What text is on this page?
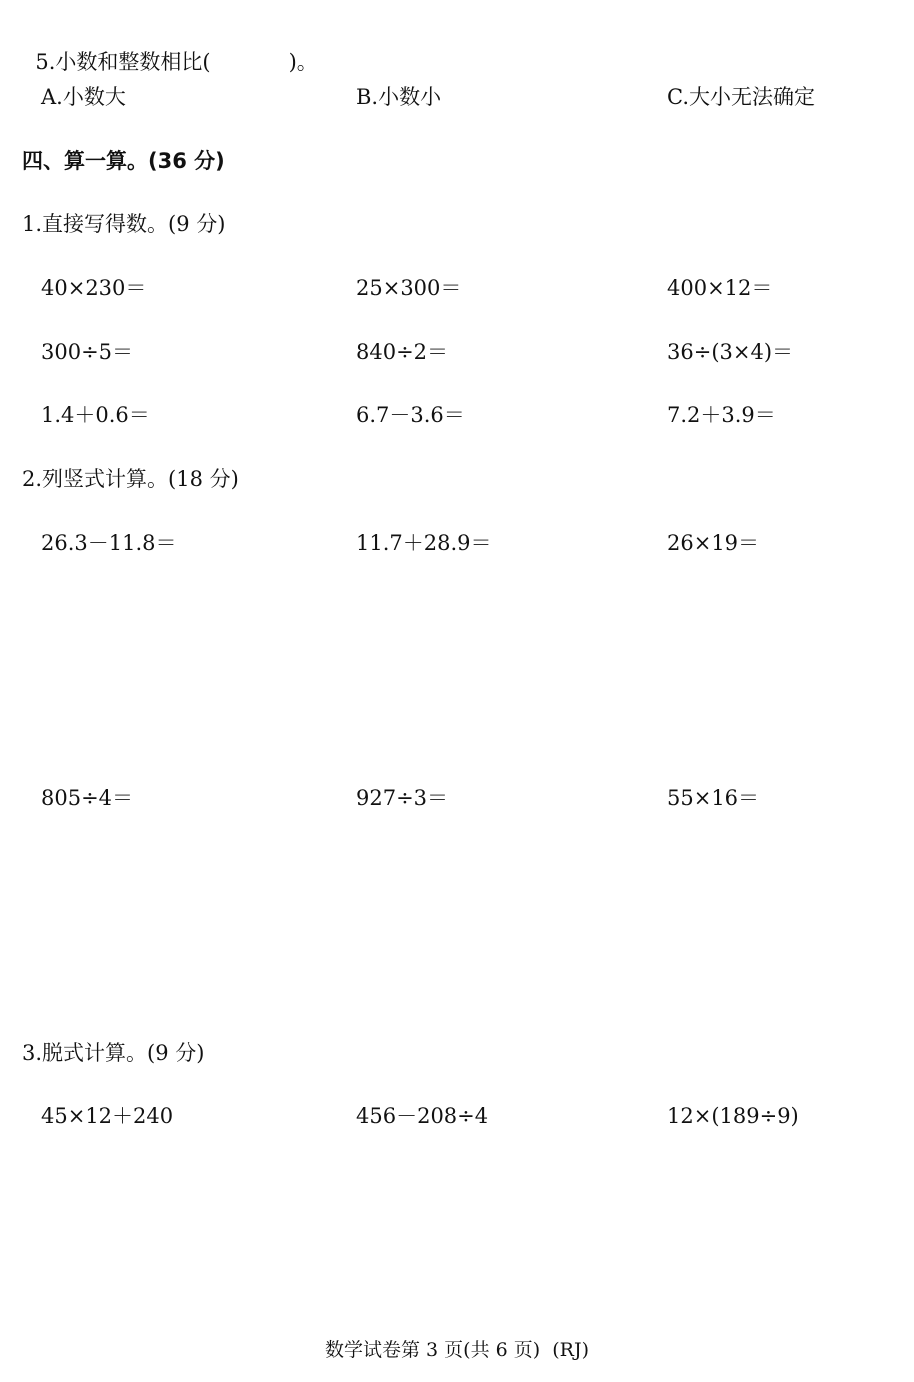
5.小数和整数相比(	)。

A.小数大	B.小数小	C.大小无法确定
四、算一算。(36 分)
1.直接写得数。(9 分)
40×230＝	25×300＝	400×12＝
300÷5＝	840÷2＝	36÷(3×4)＝
1.4＋0.6＝	6.7－3.6＝	7.2＋3.9＝
2.列竖式计算。(18 分)
26.3－11.8＝	11.7＋28.9＝	26×19＝
805÷4＝	927÷3＝	55×16＝
3.脱式计算。(9 分)
45×12＋240	456－208÷4	12×(189÷9)
数学试卷第 3 页(共 6 页)  (RJ)
